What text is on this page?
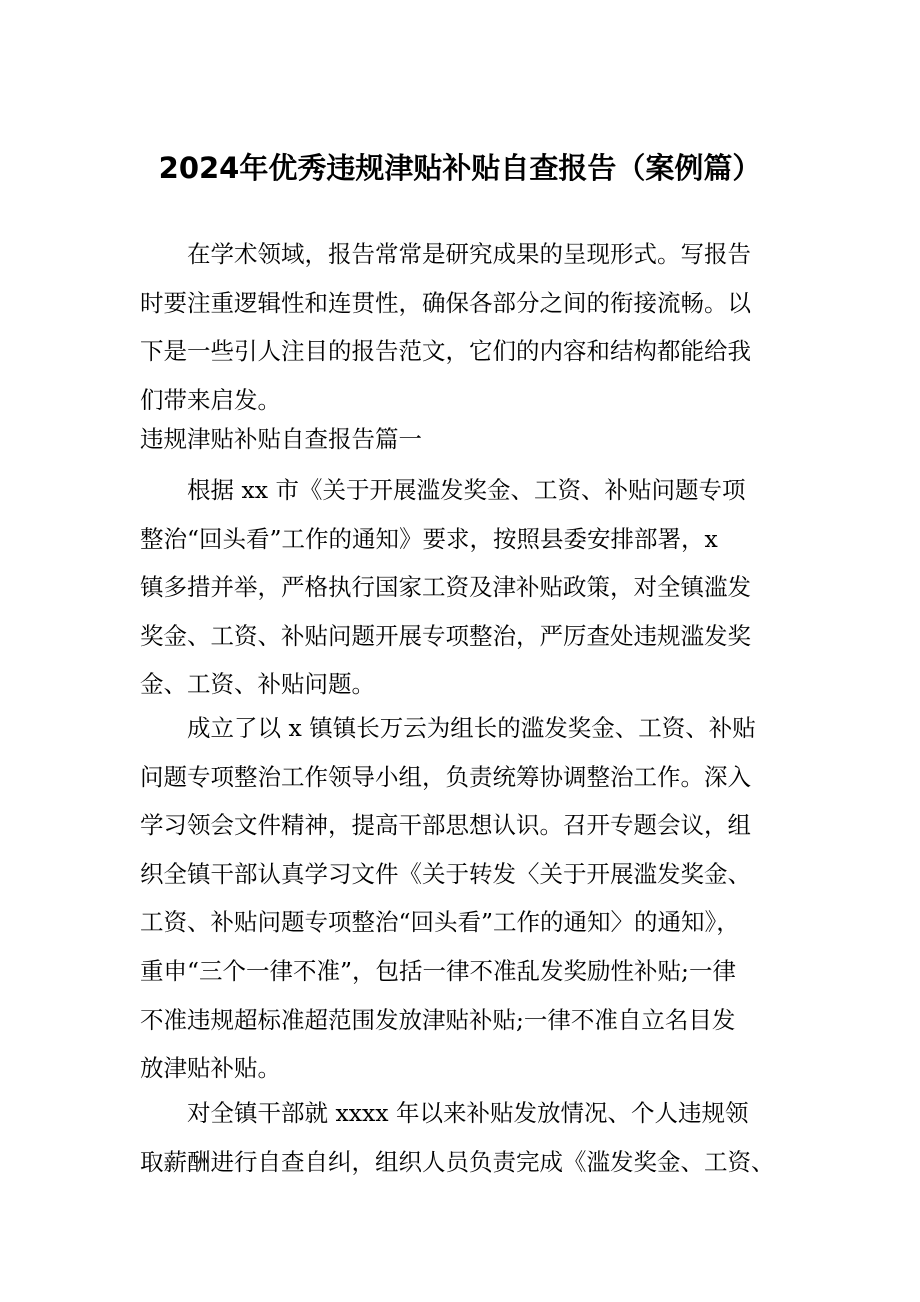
2024年优秀违规津贴补贴自查报告（案例篇）
在学术领域，报告常常是研究成果的呈现形式。写报告
时要注重逻辑性和连贯性，确保各部分之间的衔接流畅。以
下是一些引人注目的报告范文，它们的内容和结构都能给我
们带来启发。
违规津贴补贴自查报告篇一
根据 xx 市《关于开展滥发奖金、工资、补贴问题专项
整治“回头看”工作的通知》要求，按照县委安排部署，x
镇多措并举，严格执行国家工资及津补贴政策，对全镇滥发
奖金、工资、补贴问题开展专项整治，严厉查处违规滥发奖
金、工资、补贴问题。
成立了以 x 镇镇长万云为组长的滥发奖金、工资、补贴
问题专项整治工作领导小组，负责统筹协调整治工作。深入
学习领会文件精神，提高干部思想认识。召开专题会议，组
织全镇干部认真学习文件《关于转发〈关于开展滥发奖金、
工资、补贴问题专项整治“回头看”工作的通知〉的通知》，
重申“三个一律不准”，包括一律不准乱发奖励性补贴;一律
不准违规超标准超范围发放津贴补贴;一律不准自立名目发
放津贴补贴。
对全镇干部就 xxxx 年以来补贴发放情况、个人违规领
取薪酬进行自查自纠，组织人员负责完成《滥发奖金、工资、
